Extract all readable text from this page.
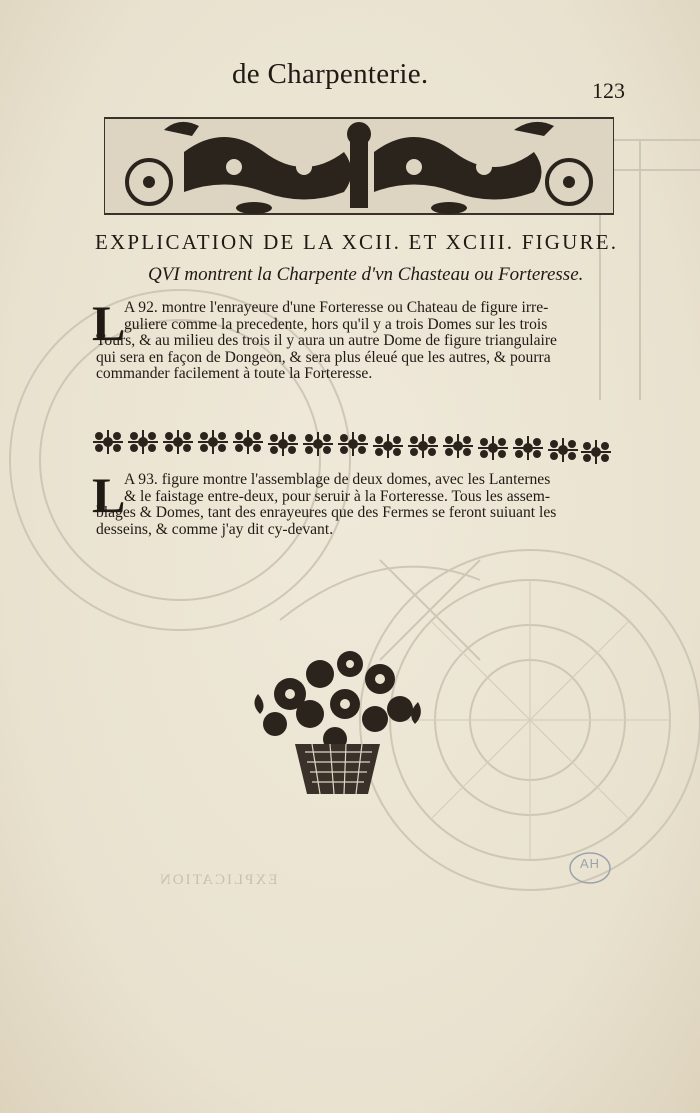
de Charpenterie.
123
EXPLICATION DE LA XCII. ET XCIII. FIGURE.
QVI montrent la Charpente d'vn Chasteau ou Forteresse.
L
A 92. montre l'enrayeure d'une Forteresse ou Chateau de figure irre-
guliere comme la precedente, hors qu'il y a trois Domes sur les trois
Tours, & au milieu des trois il y aura un autre Dome de figure triangulaire
qui sera en façon de Dongeon, & sera plus éleué que les autres, & pourra
commander facilement à toute la Forteresse.
L
A 93. figure montre l'assemblage de deux domes, avec les Lanternes
& le faistage entre-deux, pour seruir à la Forteresse. Tous les assem-
blages & Domes, tant des enrayeures que des Fermes se feront suiuant les
desseins, & comme j'ay dit cy-devant.
EXPLICATION
AH
